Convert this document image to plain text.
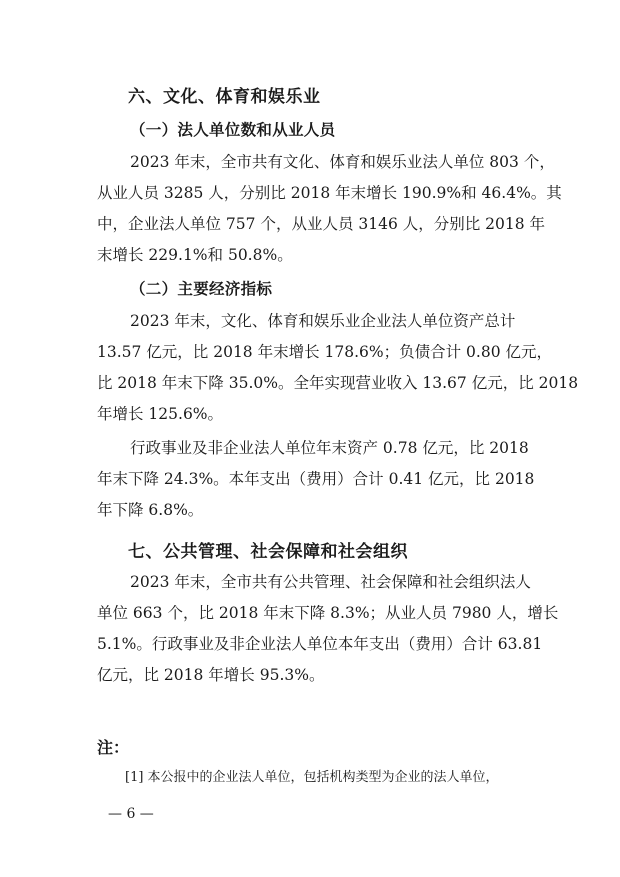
六、文化、体育和娱乐业
（一）法人单位数和从业人员
2023 年末，全市共有文化、体育和娱乐业法人单位 803 个，
从业人员 3285 人，分别比 2018 年末增长 190.9%和 46.4%。其
中，企业法人单位 757 个，从业人员 3146 人，分别比 2018 年
末增长 229.1%和 50.8%。
（二）主要经济指标
2023 年末，文化、体育和娱乐业企业法人单位资产总计
13.57 亿元，比 2018 年末增长 178.6%；负债合计 0.80 亿元，
比 2018 年末下降 35.0%。全年实现营业收入 13.67 亿元，比 2018
年增长 125.6%。
行政事业及非企业法人单位年末资产 0.78 亿元，比 2018
年末下降 24.3%。本年支出（费用）合计 0.41 亿元，比 2018
年下降 6.8%。
七、公共管理、社会保障和社会组织
2023 年末，全市共有公共管理、社会保障和社会组织法人
单位 663 个，比 2018 年末下降 8.3%；从业人员 7980 人，增长
5.1%。行政事业及非企业法人单位本年支出（费用）合计 63.81
亿元，比 2018 年增长 95.3%。
注：
[1] 本公报中的企业法人单位，包括机构类型为企业的法人单位，
— 6 —
